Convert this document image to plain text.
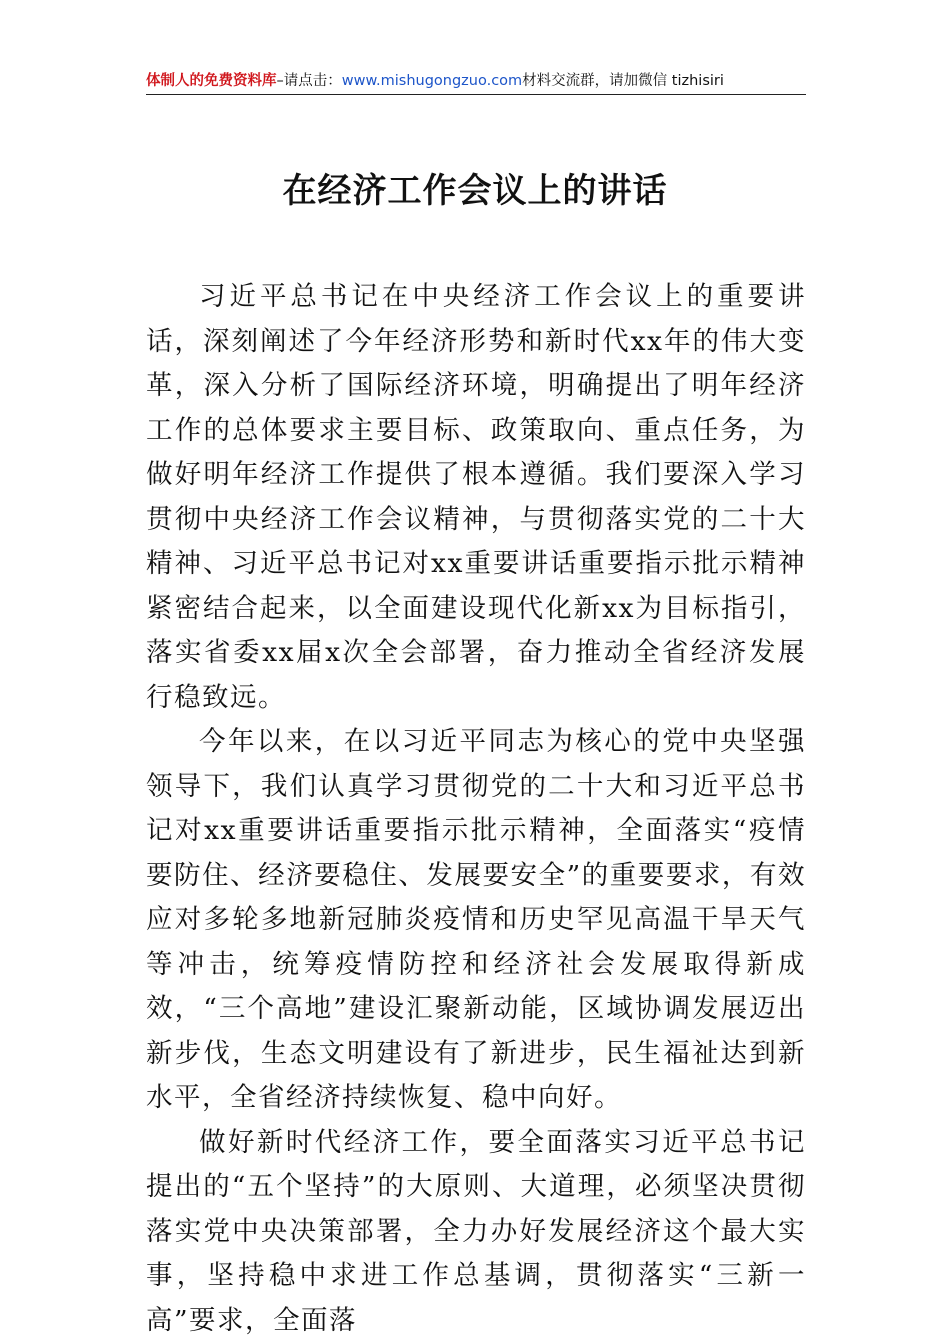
体制人的免费资料库–请点击：www.mishugongzuo.com材料交流群，请加微信 tizhisiri
在经济工作会议上的讲话

习近平总书记在中央经济工作会议上的重要讲话，深刻阐述了今年经济形势和新时代xx年的伟大变革，深入分析了国际经济环境，明确提出了明年经济工作的总体要求主要目标、政策取向、重点任务，为做好明年经济工作提供了根本遵循。我们要深入学习贯彻中央经济工作会议精神，与贯彻落实党的二十大精神、习近平总书记对xx重要讲话重要指示批示精神紧密结合起来，以全面建设现代化新xx为目标指引，落实省委xx届x次全会部署，奋力推动全省经济发展行稳致远。

今年以来，在以习近平同志为核心的党中央坚强领导下，我们认真学习贯彻党的二十大和习近平总书记对xx重要讲话重要指示批示精神，全面落实“疫情要防住、经济要稳住、发展要安全”的重要要求，有效应对多轮多地新冠肺炎疫情和历史罕见高温干旱天气等冲击，统筹疫情防控和经济社会发展取得新成效，“三个高地”建设汇聚新动能，区域协调发展迈出新步伐，生态文明建设有了新进步，民生福祉达到新水平，全省经济持续恢复、稳中向好。

做好新时代经济工作，要全面落实习近平总书记提出的“五个坚持”的大原则、大道理，必须坚决贯彻落实党中央决策部署，全力办好发展经济这个最大实事，坚持稳中求进工作总基调，贯彻落实“三新一高”要求，全面落
